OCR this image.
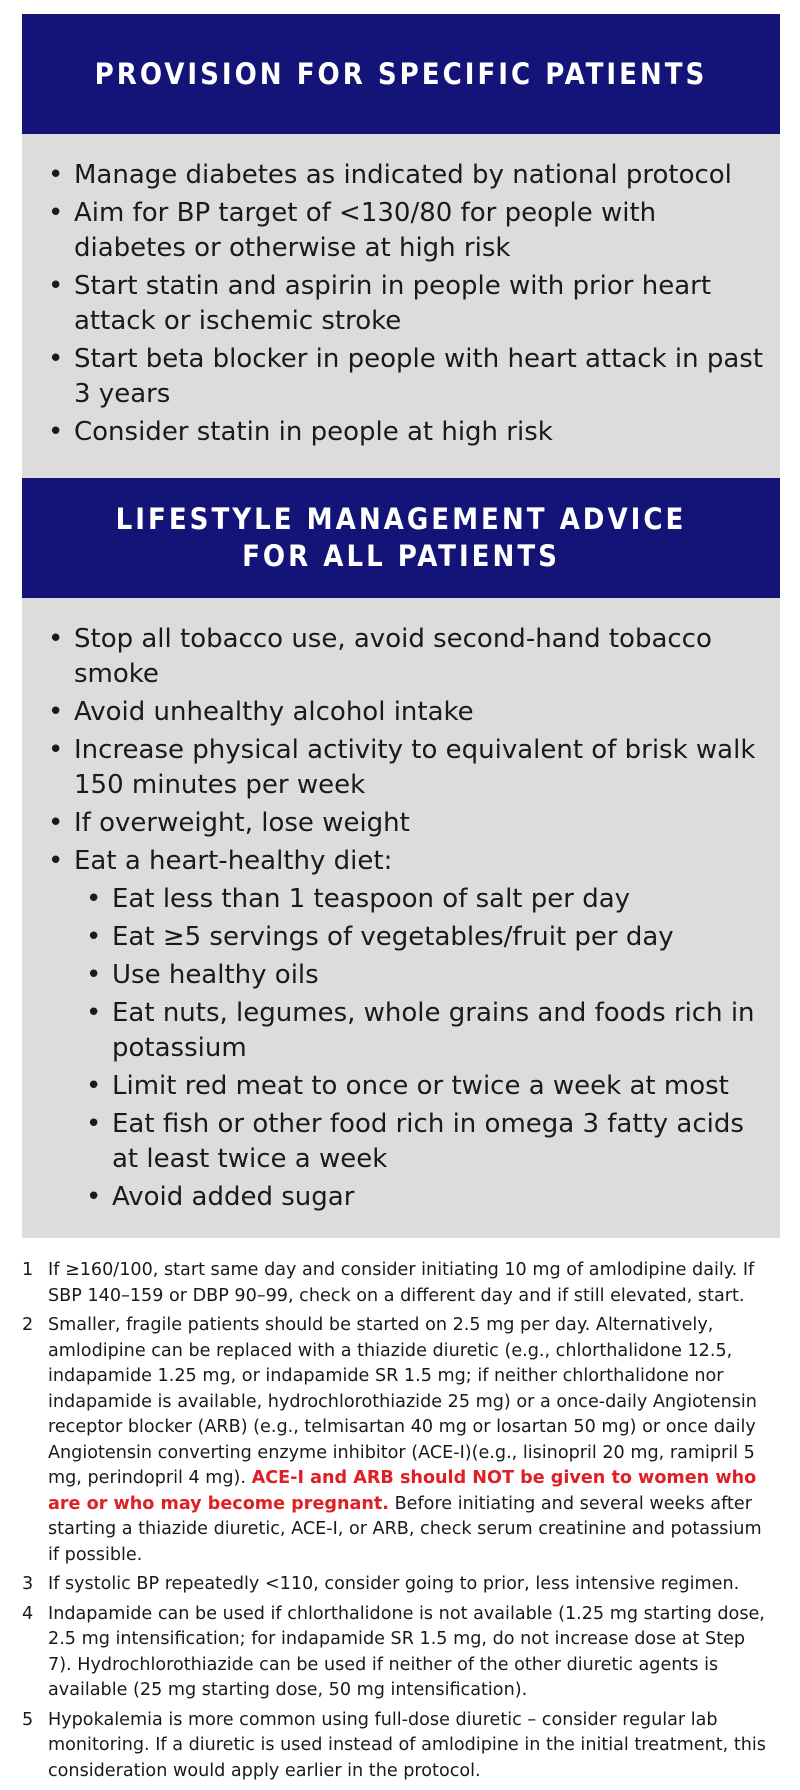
PROVISION FOR SPECIFIC PATIENTS
• Manage diabetes as indicated by national protocol
• Aim for BP target of <130/80 for people with diabetes or otherwise at high risk
• Start statin and aspirin in people with prior heart attack or ischemic stroke
• Start beta blocker in people with heart attack in past 3 years
• Consider statin in people at high risk
LIFESTYLE MANAGEMENT ADVICE
FOR ALL PATIENTS
• Stop all tobacco use, avoid second-hand tobacco smoke
• Avoid unhealthy alcohol intake
• Increase physical activity to equivalent of brisk walk 150 minutes per week
• If overweight, lose weight
• Eat a heart-healthy diet:
• Eat less than 1 teaspoon of salt per day
• Eat ≥5 servings of vegetables/fruit per day
• Use healthy oils
• Eat nuts, legumes, whole grains and foods rich in potassium
• Limit red meat to once or twice a week at most
• Eat fish or other food rich in omega 3 fatty acids at least twice a week
• Avoid added sugar
1 If ≥160/100, start same day and consider initiating 10 mg of amlodipine daily. If SBP 140–159 or DBP 90–99, check on a different day and if still elevated, start.
2 Smaller, fragile patients should be started on 2.5 mg per day. Alternatively, amlodipine can be replaced with a thiazide diuretic (e.g., chlorthalidone 12.5, indapamide 1.25 mg, or indapamide SR 1.5 mg; if neither chlorthalidone nor indapamide is available, hydrochlorothiazide 25 mg) or a once-daily Angiotensin receptor blocker (ARB) (e.g., telmisartan 40 mg or losartan 50 mg) or once daily Angiotensin converting enzyme inhibitor (ACE-I)(e.g., lisinopril 20 mg, ramipril 5 mg, perindopril 4 mg). ACE-I and ARB should NOT be given to women who are or who may become pregnant. Before initiating and several weeks after starting a thiazide diuretic, ACE-I, or ARB, check serum creatinine and potassium if possible.
3 If systolic BP repeatedly <110, consider going to prior, less intensive regimen.
4 Indapamide can be used if chlorthalidone is not available (1.25 mg starting dose, 2.5 mg intensification; for indapamide SR 1.5 mg, do not increase dose at Step 7). Hydrochlorothiazide can be used if neither of the other diuretic agents is available (25 mg starting dose, 50 mg intensification).
5 Hypokalemia is more common using full-dose diuretic – consider regular lab monitoring. If a diuretic is used instead of amlodipine in the initial treatment, this consideration would apply earlier in the protocol.
